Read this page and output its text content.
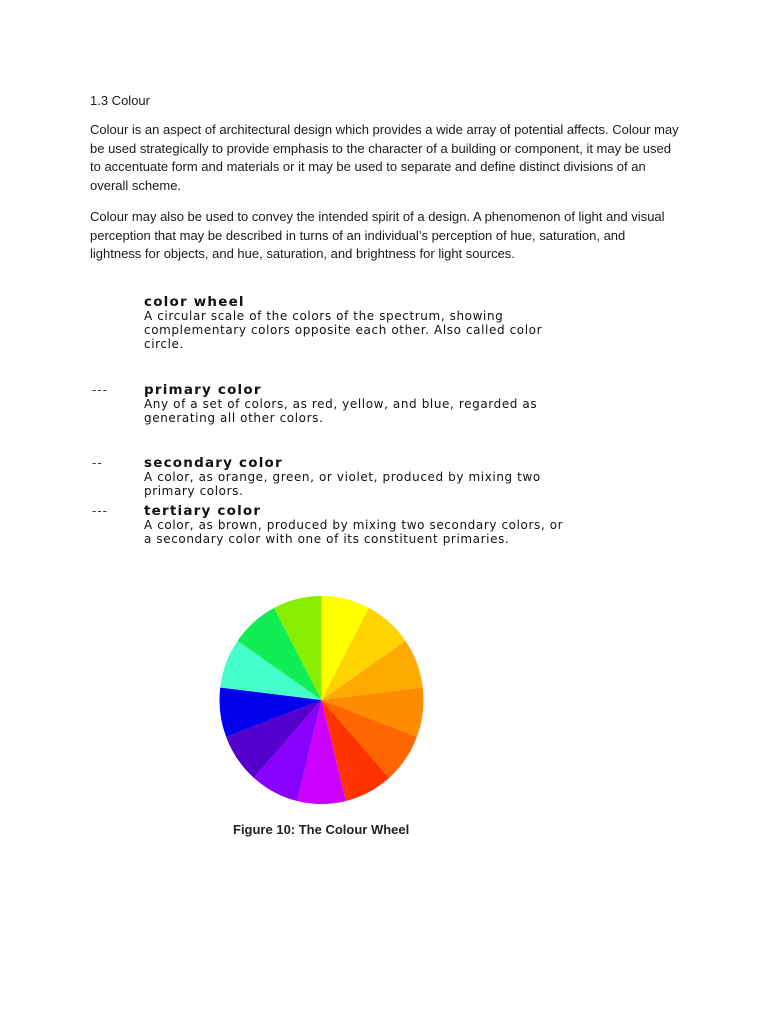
1.3 Colour

Colour is an aspect of architectural design which provides a wide array of potential affects. Colour may be used strategically to provide emphasis to the character of a building or component, it may be used to accentuate form and materials or it may be used to separate and define distinct divisions of an overall scheme.

Colour may also be used to convey the intended spirit of a design. A phenomenon of light and visual perception that may be described in turns of an individual’s perception of hue, saturation, and lightness for objects, and hue, saturation, and brightness for light sources.

color wheel
A circular scale of the colors of the spectrum, showing complementary colors opposite each other. Also called color circle.
---	primary color
Any of a set of colors, as red, yellow, and blue, regarded as generating all other colors.
--	secondary color
A color, as orange, green, or violet, produced by mixing two primary colors.
---	tertiary color
A color, as brown, produced by mixing two secondary colors, or a secondary color with one of its constituent primaries.
Figure 10: The Colour Wheel
